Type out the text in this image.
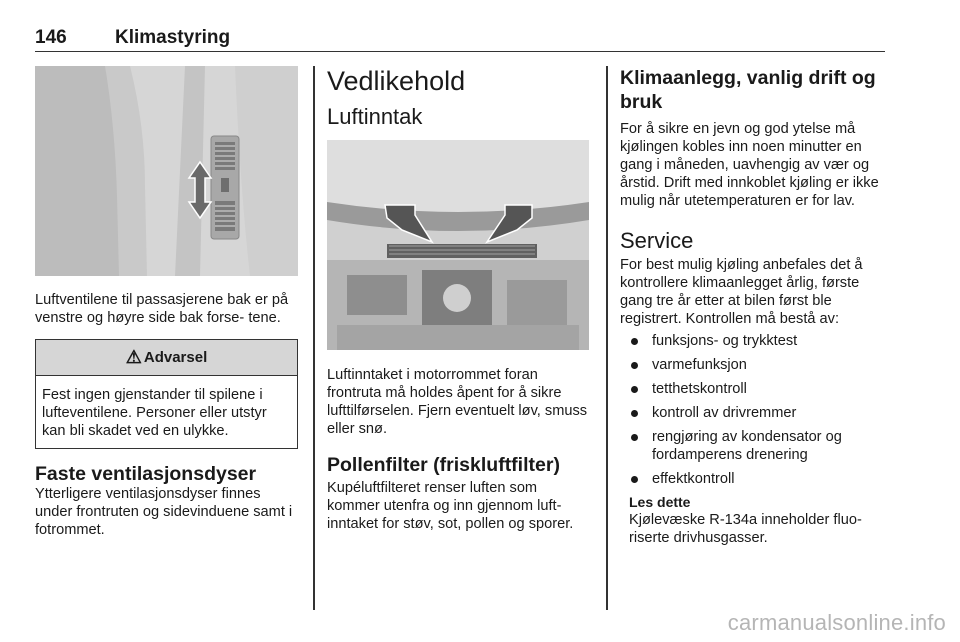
146	Klimastyring

Luftventilene til passasjerene bak er på venstre og høyre side bak forse- tene.

⚠ Advarsel
Fest ingen gjenstander til spilene i lufteventilene. Personer eller utstyr kan bli skadet ved en ulykke.
Faste ventilasjonsdyser

Ytterligere ventilasjonsdyser finnes under frontruten og sidevinduene samt i fotrommet.

Vedlikehold
Luftinntak

Luftinntaket i motorrommet foran frontruta må holdes åpent for å sikre lufttilførselen. Fjern eventuelt løv, smuss eller snø.

Pollenfilter (friskluftfilter)

Kupéluftfilteret renser luften som kommer utenfra og inn gjennom luft- inntaket for støv, sot, pollen og sporer.

Klimaanlegg, vanlig drift og bruk

For å sikre en jevn og god ytelse må kjølingen kobles inn noen minutter en gang i måneden, uavhengig av vær og årstid. Drift med innkoblet kjøling er ikke mulig når utetemperaturen er for lav.

Service

For best mulig kjøling anbefales det å kontrollere klimaanlegget årlig, første gang tre år etter at bilen først ble registrert. Kontrollen må bestå av:

funksjons- og trykktest
varmefunksjon
tetthetskontroll
kontroll av drivremmer
rengjøring av kondensator og fordamperens drenering
effektkontroll
Les dette

Kjølevæske R-134a inneholder fluo- riserte drivhusgasser.

carmanualsonline.info
